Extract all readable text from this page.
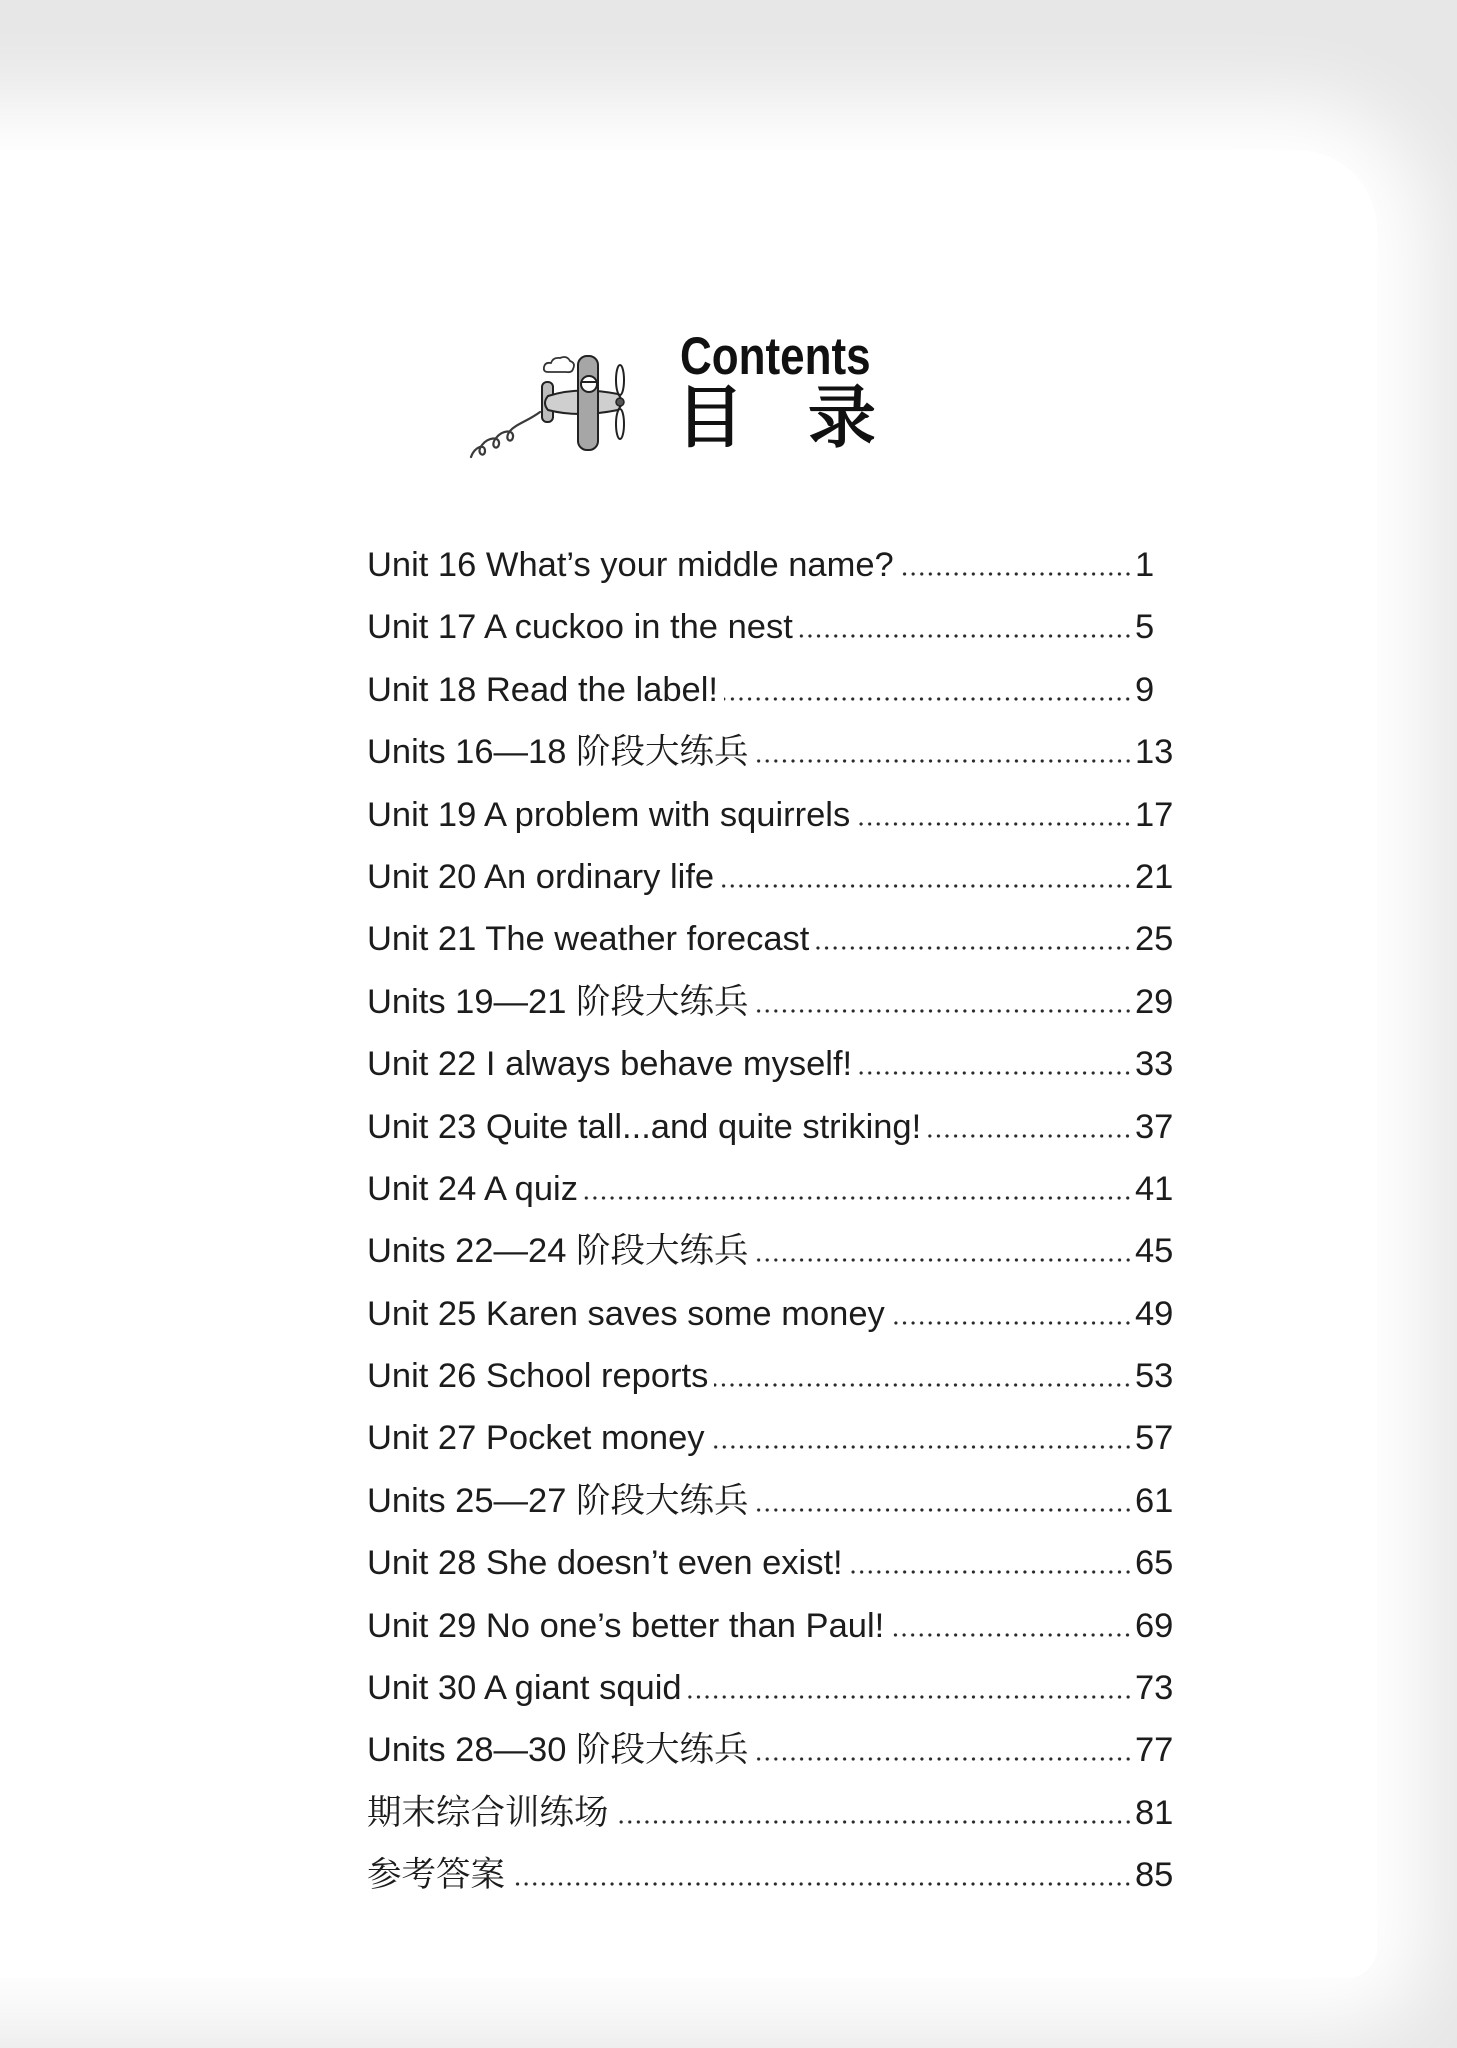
Contents
目 录
Unit 16 What’s your middle name?	1
Unit 17 A cuckoo in the nest	5
Unit 18 Read the label!	9
Units 16—18 阶段大练兵	13
Unit 19 A problem with squirrels	17
Unit 20 An ordinary life	21
Unit 21 The weather forecast	25
Units 19—21 阶段大练兵	29
Unit 22 I always behave myself!	33
Unit 23 Quite tall...and quite striking!	37
Unit 24 A quiz	41
Units 22—24 阶段大练兵	45
Unit 25 Karen saves some money	49
Unit 26 School reports	53
Unit 27 Pocket money	57
Units 25—27 阶段大练兵	61
Unit 28 She doesn’t even exist!	65
Unit 29 No one’s better than Paul!	69
Unit 30 A giant squid	73
Units 28—30 阶段大练兵	77
期末综合训练场	81
参考答案	85
